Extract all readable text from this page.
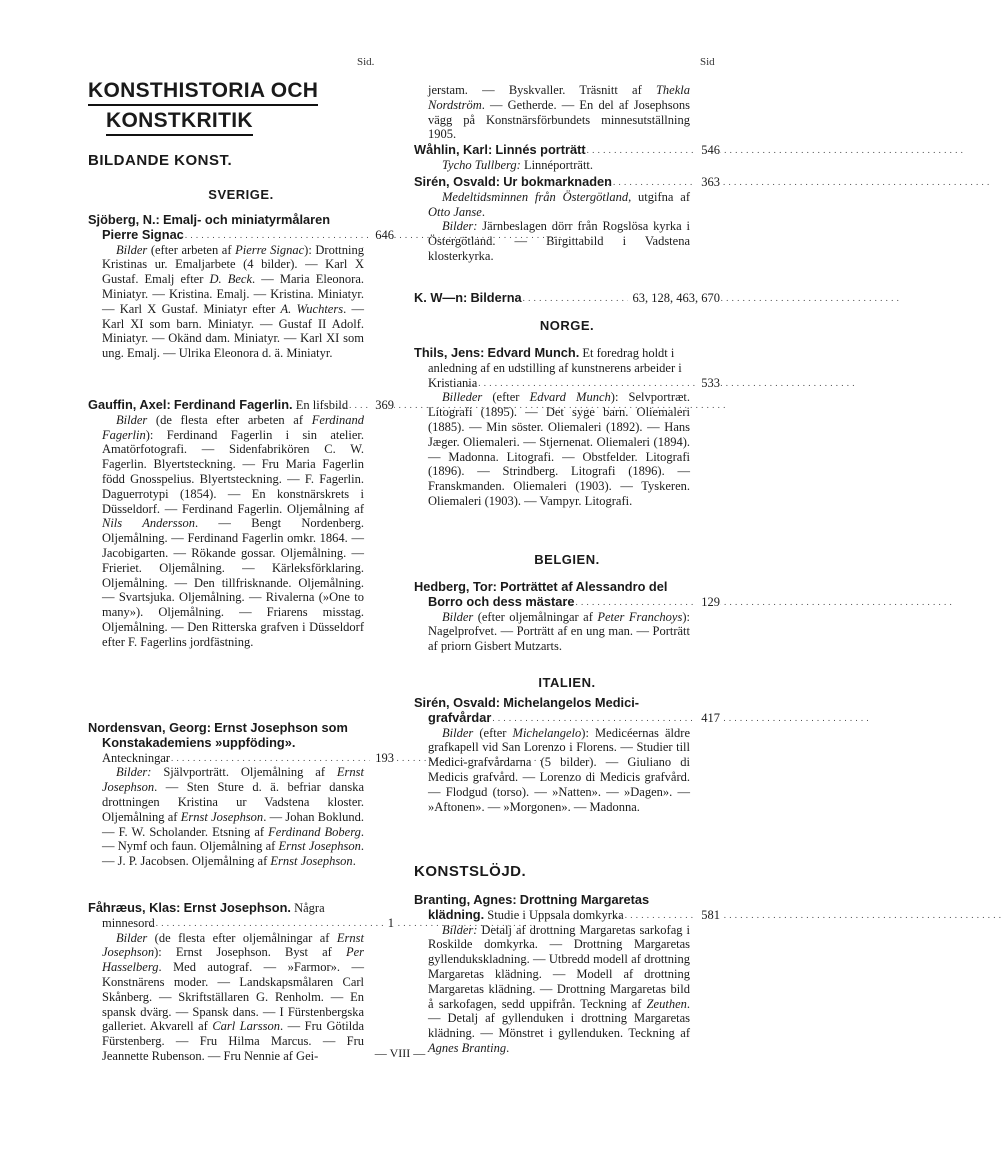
Sid.	Sid
KONSTHISTORIA OCH
KONSTKRITIK
BILDANDE KONST.
SVERIGE.

Sjöberg, N.: Emalj- och miniatyrmålaren Pierre Signac	646

Bilder (efter arbeten af Pierre Signac): Drottning Kristinas ur. Emaljarbete (4 bilder). — Karl X Gustaf. Emalj efter D. Beck. — Maria Eleonora. Miniatyr. — Kristina. Emalj. — Kristina. Miniatyr. — Karl X Gustaf. Miniatyr efter A. Wuchters. — Karl XI som barn. Miniatyr. — Gustaf II Adolf. Miniatyr. — Okänd dam. Miniatyr. — Karl XI som ung. Emalj. — Ulrika Eleonora d. ä. Miniatyr.

Gauffin, Axel: Ferdinand Fagerlin. En lifsbild	369

Bilder (de flesta efter arbeten af Ferdinand Fagerlin): Ferdinand Fagerlin i sin atelier. Amatörfotografi. — Sidenfabrikören C. W. Fagerlin. Blyertsteckning. — Fru Maria Fagerlin född Gnosspelius. Blyertsteckning. — F. Fagerlin. Daguerrotypi (1854). — En konstnärskrets i Düsseldorf. — Ferdinand Fagerlin. Oljemålning af Nils Andersson. — Bengt Nordenberg. Oljemålning. — Ferdinand Fagerlin omkr. 1864. — Jacobigarten. — Rökande gossar. Oljemålning. — Frieriet. Oljemålning. — Kärleksförklaring. Oljemålning. — Den tillfrisknande. Oljemålning. — Svartsjuka. Oljemålning. — Rivalerna (»One to many»). Oljemålning. — Friarens misstag. Oljemålning. — Den Ritterska grafven i Düsseldorf efter F. Fagerlins jordfästning.

Nordensvan, Georg: Ernst Josephson som Konstakademiens »uppföding». Anteckningar	193

Bilder: Självporträtt. Oljemålning af Ernst Josephson. — Sten Sture d. ä. befriar danska drottningen Kristina ur Vadstena kloster. Oljemålning af Ernst Josephson. — Johan Boklund. — F. W. Scholander. Etsning af Ferdinand Boberg. — Nymf och faun. Oljemålning af Ernst Josephson. — J. P. Jacobsen. Oljemålning af Ernst Josephson.

Fåhræus, Klas: Ernst Josephson. Några minnesord	1

Bilder (de flesta efter oljemålningar af Ernst Josephson): Ernst Josephson. Byst af Per Hasselberg. Med autograf. — »Farmor». — Konstnärens moder. — Landskapsmålaren Carl Skånberg. — Skriftställaren G. Renholm. — En spansk dvärg. — Spansk dans. — I Fürstenbergska galleriet. Akvarell af Carl Larsson. — Fru Götilda Fürstenberg. — Fru Hilma Marcus. — Fru Jeannette Rubenson. — Fru Nennie af Gei-

jerstam. — Byskvaller. Träsnitt af Thekla Nordström. — Getherde. — En del af Josephsons vägg på Konstnärsförbundets minnesutställning 1905.

Wåhlin, Karl: Linnés porträtt	546

Tycho Tullberg: Linnéporträtt.

Sirén, Osvald: Ur bokmarknaden	363

Medeltidsminnen från Östergötland, utgifna af Otto Janse.

Bilder: Järnbeslagen dörr från Rogslösa kyrka i Östergötland. — Birgittabild i Vadstena klosterkyrka.

K. W—n: Bilderna	63, 128, 463, 670

NORGE.

Thils, Jens: Edvard Munch. Et foredrag holdt i anledning af en udstilling af kunstnerens arbeider i Kristiania	533

Billeder (efter Edvard Munch): Selvportræt. Litografi (1895). — Det syge barn. Oliemaleri (1885). — Min söster. Oliemaleri (1892). — Hans Jæger. Oliemaleri. — Stjernenat. Oliemaleri (1894). — Madonna. Litografi. — Obstfelder. Litografi (1896). — Strindberg. Litografi (1896). — Franskmanden. Oliemaleri (1903). — Tyskeren. Oliemaleri (1903). — Vampyr. Litografi.

BELGIEN.

Hedberg, Tor: Porträttet af Alessandro del Borro och dess mästare	129

Bilder (efter oljemålningar af Peter Franchoys): Nagelprofvet. — Porträtt af en ung man. — Porträtt af priorn Gisbert Mutzarts.

ITALIEN.

Sirén, Osvald: Michelangelos Medici-grafvårdar	417

Bilder (efter Michelangelo): Medicéernas äldre grafkapell vid San Lorenzo i Florens. — Studier till Medici-grafvårdarna (5 bilder). — Giuliano di Medicis grafvård. — Lorenzo di Medicis grafvård. — Flodgud (torso). — »Natten». — »Dagen». — »Aftonen». — »Morgonen». — Madonna.

KONSTSLÖJD.

Branting, Agnes: Drottning Margaretas klädning. Studie i Uppsala domkyrka	581

Bilder: Detalj af drottning Margaretas sarkofag i Roskilde domkyrka. — Drottning Margaretas gyllendukskladning. — Utbredd modell af drottning Margaretas klädning. — Modell af drottning Margaretas klädning. — Drottning Margaretas bild å sarkofagen, sedd uppifrån. Teckning af Zeuthen. — Detalj af gyllenduken i drottning Margaretas klädning. — Mönstret i gyllenduken. Teckning af Agnes Branting.

— VIII —
